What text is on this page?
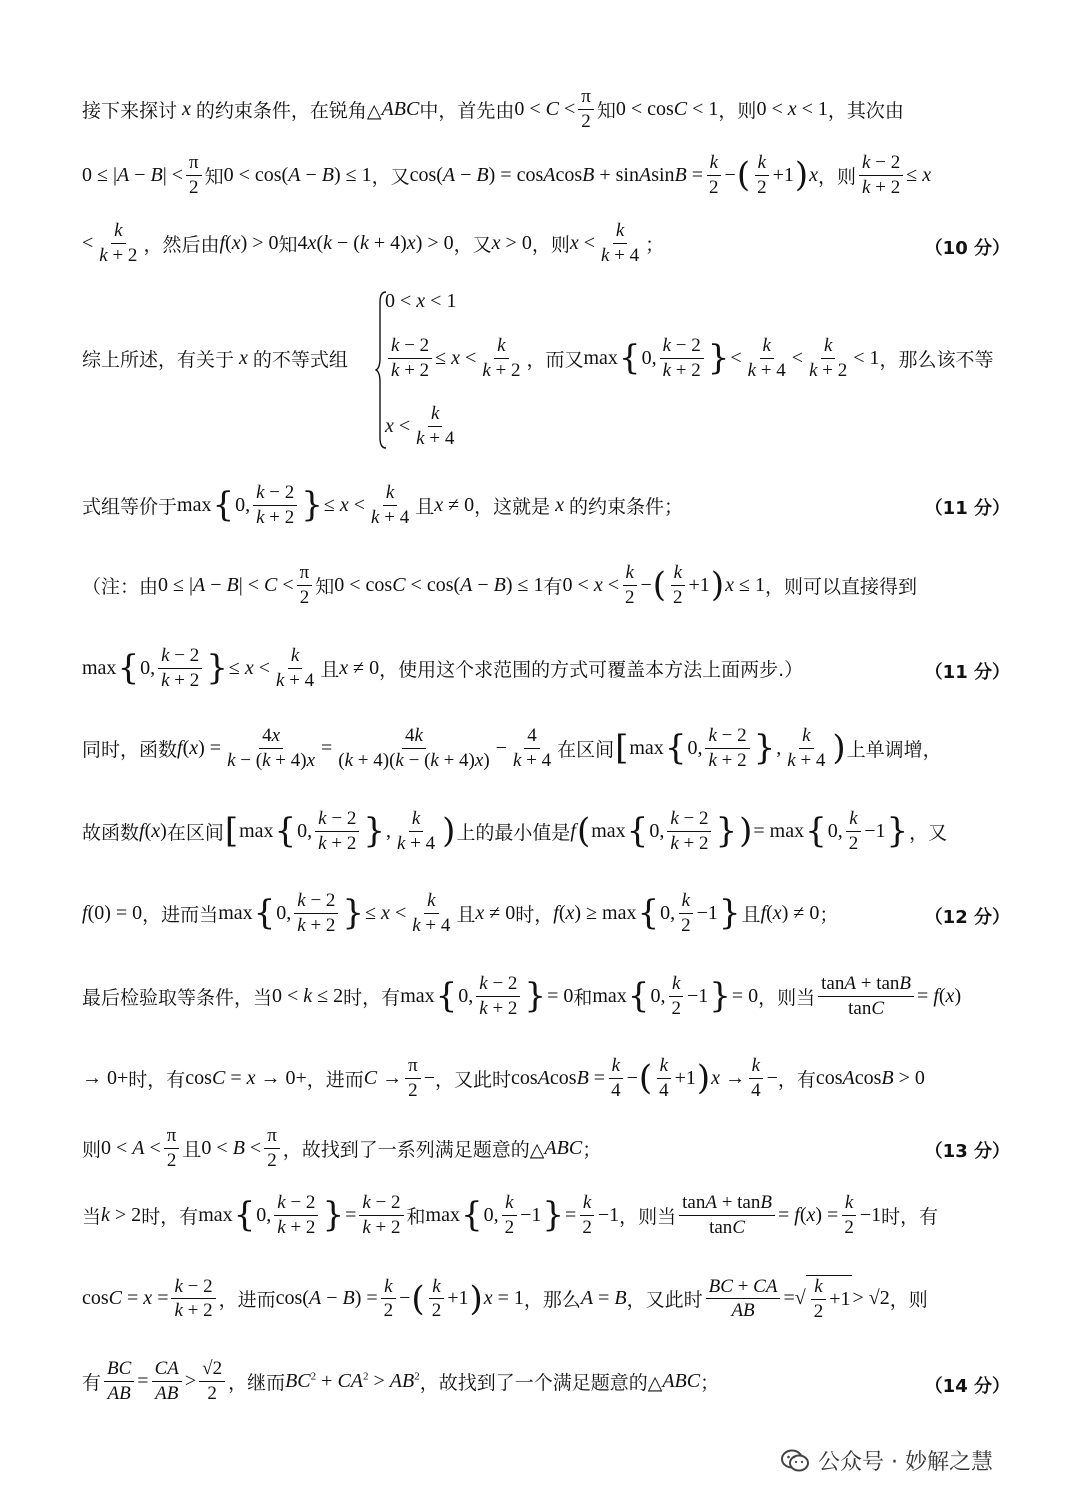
接下来探讨 x 的约束条件，在锐角△ ABC 中，首先由 $0 < C < \frac{\pi}{2}$ 知 0 < cosC < 1 ，则 0 < x < 1 ，其次由
$0 \le |A - B| < \frac{\pi}{2}$ 知 0 < cos(A − B) ≤ 1 ，又 cos(A − B) = cosAcosB + sinAsinB = $\frac{k}{2}$ − ( $\frac{k}{2} +1$ ) x ，则 $\frac{k - 2}{k + 2} \le x$
< $\frac{k}{k + 2}$ ，然后由 f(x) > 0 知 4x(k − (k + 4)x) > 0 ，又 x > 0 ，则 $x < \frac{k}{k + 4}$ ；	（10 分）
综上所述，有关于 x 的不等式组
0 < x < 1
$\frac{k - 2}{k + 2} \le x < \frac{k}{k + 2}$ ，而又 max { 0, $\frac{k - 2}{k + 2}$ } < $\frac{k}{k + 4} < \frac{k}{k + 2} < 1$ ，那么该不等
$x < \frac{k}{k + 4}$
式组等价于 max { 0, $\frac{k - 2}{k + 2}$ } ≤ $x < \frac{k}{k + 4}$ 且 x ≠ 0 ，这就是 x 的约束条件；	（11 分）
（注：由 $0 \le |A - B| < C < \frac{\pi}{2}$ 知 0 < cosC < cos(A − B) ≤ 1 有 $0 < x < \frac{k}{2}$ − ( $\frac{k}{2} +1$ ) x ≤ 1 ，则可以直接得到
max { 0, $\frac{k - 2}{k + 2}$ } ≤ $x < \frac{k}{k + 4}$ 且 x ≠ 0 ，使用这个求范围的方式可覆盖本方法上面两步.）	（11 分）
同时，函数 $f(x) = \frac{4x}{k - (k + 4)x} = \frac{4k}{(k + 4)(k - (k + 4)x)} - \frac{4}{k + 4}$ 在区间 [ max { 0, $\frac{k - 2}{k + 2}$ } , $\frac{k}{k + 4}$ ) 上单调增，
故函数 f(x) 在区间 [ max { 0, $\frac{k - 2}{k + 2}$ } , $\frac{k}{k + 4}$ ) 上的最小值是 f ( max { 0, $\frac{k - 2}{k + 2}$ } ) = max { 0, $\frac{k}{2} -1$ } ，又
f(0) = 0 ，进而当 max { 0, $\frac{k - 2}{k + 2}$ } ≤ $x < \frac{k}{k + 4}$ 且 x ≠ 0 时， f(x) ≥ max { 0, $\frac{k}{2} -1$ } 且 f(x) ≠ 0 ；	（12 分）
最后检验取等条件，当 0 < k ≤ 2 时，有 max { 0, $\frac{k - 2}{k + 2}$ } = 0 和 max { 0, $\frac{k}{2} -1$ } = 0 ，则当 $\frac{\tan A + \tan B}{\tan C} = f(x)$
→ 0+ 时，有 cosC = x → 0+ ，进而 $C \to \frac{\pi}{2}$ − ，又此时 cosAcosB = $\frac{k}{4}$ − ( $\frac{k}{4} +1$ ) $x \to \frac{k}{4}$ − ，有 cosAcosB > 0
则 $0 < A < \frac{\pi}{2}$ 且 $0 < B < \frac{\pi}{2}$ ，故找到了一系列满足题意的△ ABC ；	（13 分）
当 k > 2 时，有 max { 0, $\frac{k - 2}{k + 2}$ } = $\frac{k - 2}{k + 2}$ 和 max { 0, $\frac{k}{2} -1$ } = $\frac{k}{2} -1$ ，则当 $\frac{\tan A + \tan B}{\tan C} = f(x) = \frac{k}{2} -1$ 时，有
$\cos C = x = \frac{k - 2}{k + 2}$ ，进而 $\cos(A - B) = \frac{k}{2}$ − ( $\frac{k}{2} +1$ ) x = 1 ，那么 A = B ，又此时 $\frac{BC + CA}{AB}$ = √ $\frac{k}{2} +1 > √2$ ，则
有 $\frac{BC}{AB} = \frac{CA}{AB} > \frac{√2}{2}$ ，继而 $BC^2 + CA^2 > AB^2$ ，故找到了一个满足题意的△ ABC ；	（14 分）
公众号 · 妙解之慧
